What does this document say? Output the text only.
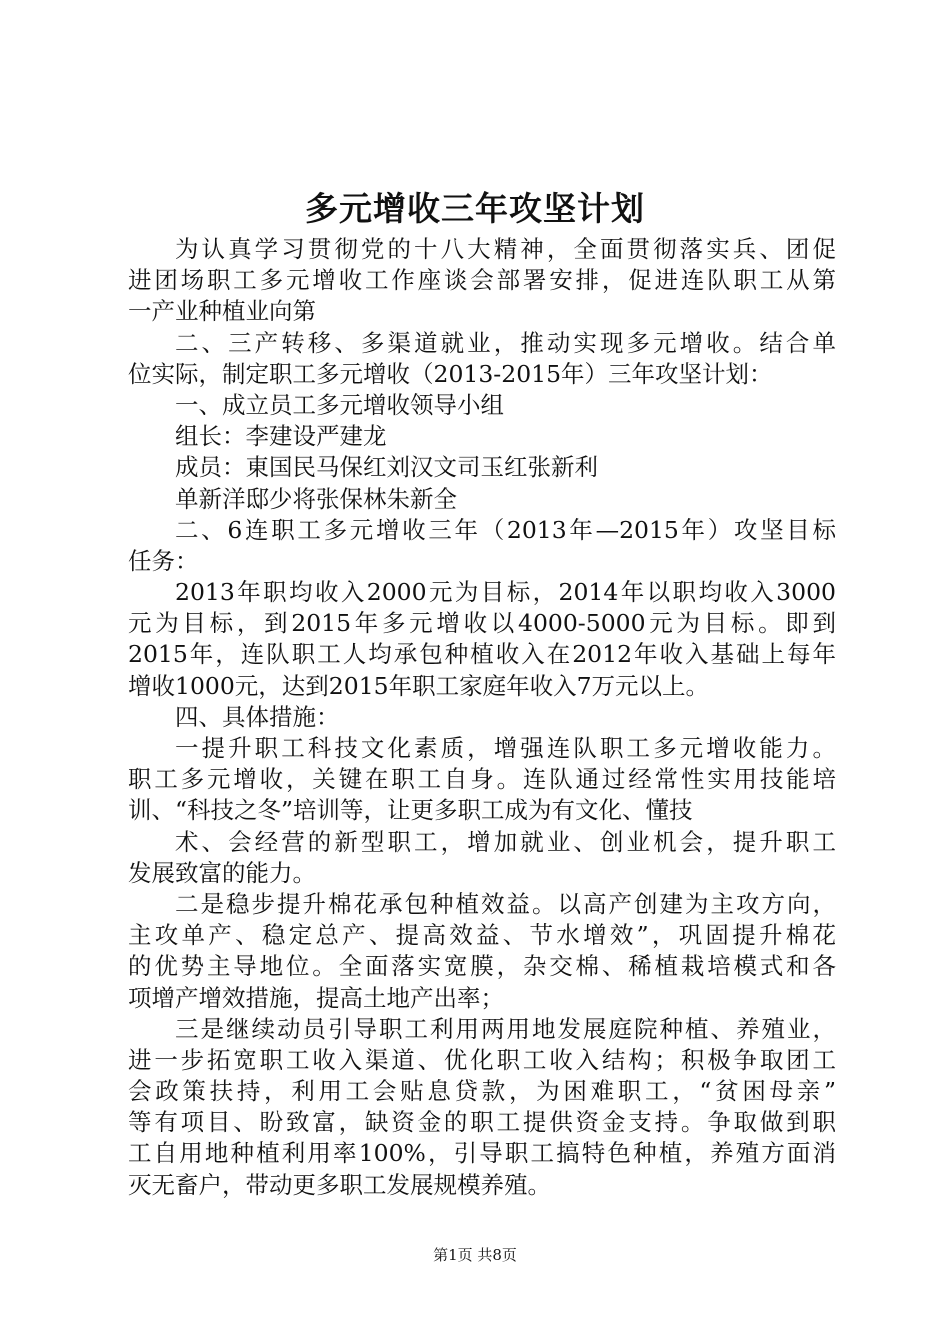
多元增收三年攻坚计划
为认真学习贯彻党的十八大精神，全面贯彻落实兵、团促
进团场职工多元增收工作座谈会部署安排，促进连队职工从第
一产业种植业向第
二、三产转移、多渠道就业，推动实现多元增收。结合单
位实际，制定职工多元增收（2013-2015年）三年攻坚计划：
一、成立员工多元增收领导小组
组长：李建设严建龙
成员：東国民马保红刘汉文司玉红张新利
单新洋邸少将张保林朱新全
二、6连职工多元增收三年（2013年—2015年）攻坚目标
任务：
2013年职均收入2000元为目标，2014年以职均收入3000
元为目标，到2015年多元增收以4000-5000元为目标。即到
2015年，连队职工人均承包种植收入在2012年收入基础上每年
增收1000元，达到2015年职工家庭年收入7万元以上。
四、具体措施：
一提升职工科技文化素质，增强连队职工多元增收能力。
职工多元增收，关键在职工自身。连队通过经常性实用技能培
训、“科技之冬”培训等，让更多职工成为有文化、懂技
术、会经营的新型职工，增加就业、创业机会，提升职工
发展致富的能力。
二是稳步提升棉花承包种植效益。以高产创建为主攻方向，
主攻单产、稳定总产、提高效益、节水增效”，巩固提升棉花
的优势主导地位。全面落实宽膜，杂交棉、稀植栽培模式和各
项增产增效措施，提高土地产出率；
三是继续动员引导职工利用两用地发展庭院种植、养殖业，
进一步拓宽职工收入渠道、优化职工收入结构；积极争取团工
会政策扶持，利用工会贴息贷款，为困难职工，“贫困母亲”
等有项目、盼致富，缺资金的职工提供资金支持。争取做到职
工自用地种植利用率100%，引导职工搞特色种植，养殖方面消
灭无畜户，带动更多职工发展规模养殖。
第1页 共8页
